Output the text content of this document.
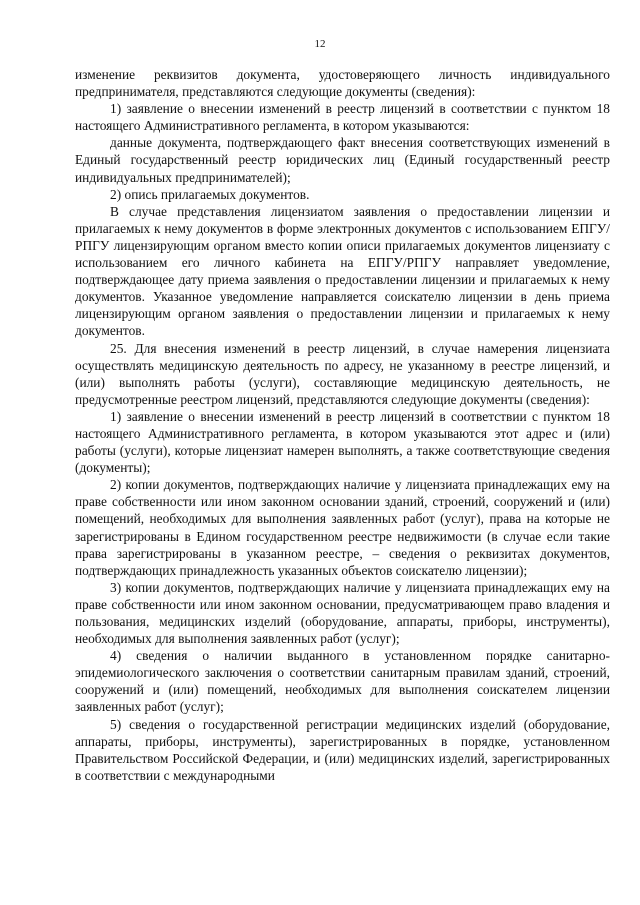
12

изменение реквизитов документа, удостоверяющего личность индивидуального предпринимателя, представляются следующие документы (сведения):

1) заявление о внесении изменений в реестр лицензий в соответствии с пунктом 18 настоящего Административного регламента, в котором указываются:

данные документа, подтверждающего факт внесения соответствующих изменений в Единый государственный реестр юридических лиц (Единый государственный реестр индивидуальных предпринимателей);

2) опись прилагаемых документов.

В случае представления лицензиатом заявления о предоставлении лицензии и прилагаемых к нему документов в форме электронных документов с использованием ЕПГУ/РПГУ лицензирующим органом вместо копии описи прилагаемых документов лицензиату с использованием его личного кабинета на ЕПГУ/РПГУ направляет уведомление, подтверждающее дату приема заявления о предоставлении лицензии и прилагаемых к нему документов. Указанное уведомление направляется соискателю лицензии в день приема лицензирующим органом заявления о предоставлении лицензии и прилагаемых к нему документов.

25. Для внесения изменений в реестр лицензий, в случае намерения лицензиата осуществлять медицинскую деятельность по адресу, не указанному в реестре лицензий, и (или) выполнять работы (услуги), составляющие медицинскую деятельность, не предусмотренные реестром лицензий, представляются следующие документы (сведения):

1) заявление о внесении изменений в реестр лицензий в соответствии с пунктом 18 настоящего Административного регламента, в котором указываются этот адрес и (или) работы (услуги), которые лицензиат намерен выполнять, а также соответствующие сведения (документы);

2) копии документов, подтверждающих наличие у лицензиата принадлежащих ему на праве собственности или ином законном основании зданий, строений, сооружений и (или) помещений, необходимых для выполнения заявленных работ (услуг), права на которые не зарегистрированы в Едином государственном реестре недвижимости (в случае если такие права зарегистрированы в указанном реестре, – сведения о реквизитах документов, подтверждающих принадлежность указанных объектов соискателю лицензии);

3) копии документов, подтверждающих наличие у лицензиата принадлежащих ему на праве собственности или ином законном основании, предусматривающем право владения и пользования, медицинских изделий (оборудование, аппараты, приборы, инструменты), необходимых для выполнения заявленных работ (услуг);

4) сведения о наличии выданного в установленном порядке санитарно-эпидемиологического заключения о соответствии санитарным правилам зданий, строений, сооружений и (или) помещений, необходимых для выполнения соискателем лицензии заявленных работ (услуг);

5) сведения о государственной регистрации медицинских изделий (оборудование, аппараты, приборы, инструменты), зарегистрированных в порядке, установленном Правительством Российской Федерации, и (или) медицинских изделий, зарегистрированных в соответствии с международными
